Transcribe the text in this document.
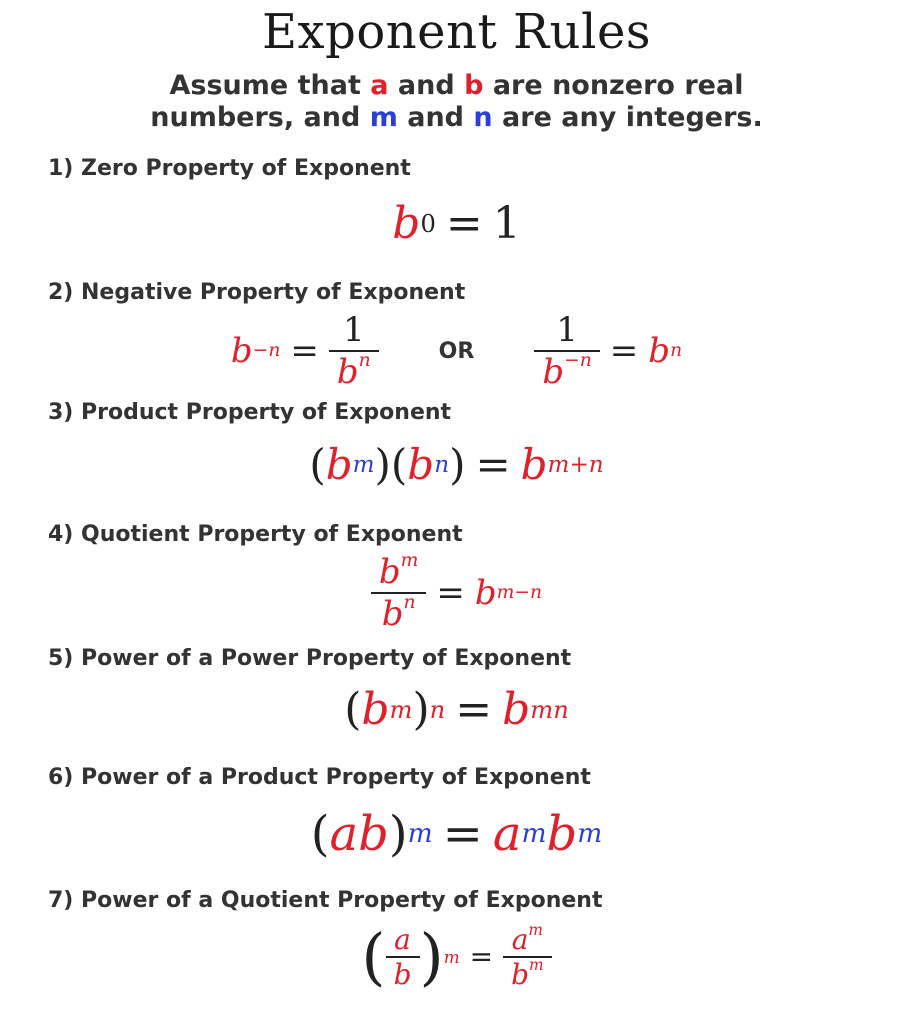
Exponent Rules
Assume that a and b are nonzero real
numbers, and m and n are any integers.
1) Zero Property of Exponent
b 0 = 1
2) Negative Property of Exponent
$b -n = \frac{1}{b^n}$	OR $\frac{1}{b^{-n}} = b$ n
3) Product Property of Exponent
( b m ) ( b n ) = b m+n
4) Quotient Property of Exponent
$\frac{b^m}{b^n} = b$ m−n
5) Power of a Power Property of Exponent
( b m ) n = b mn
6) Power of a Product Property of Exponent
( ab ) m = a m b m
7) Power of a Quotient Property of Exponent
( $\frac{a}{b}$ ) $m = \frac{a^m}{b^m}$
